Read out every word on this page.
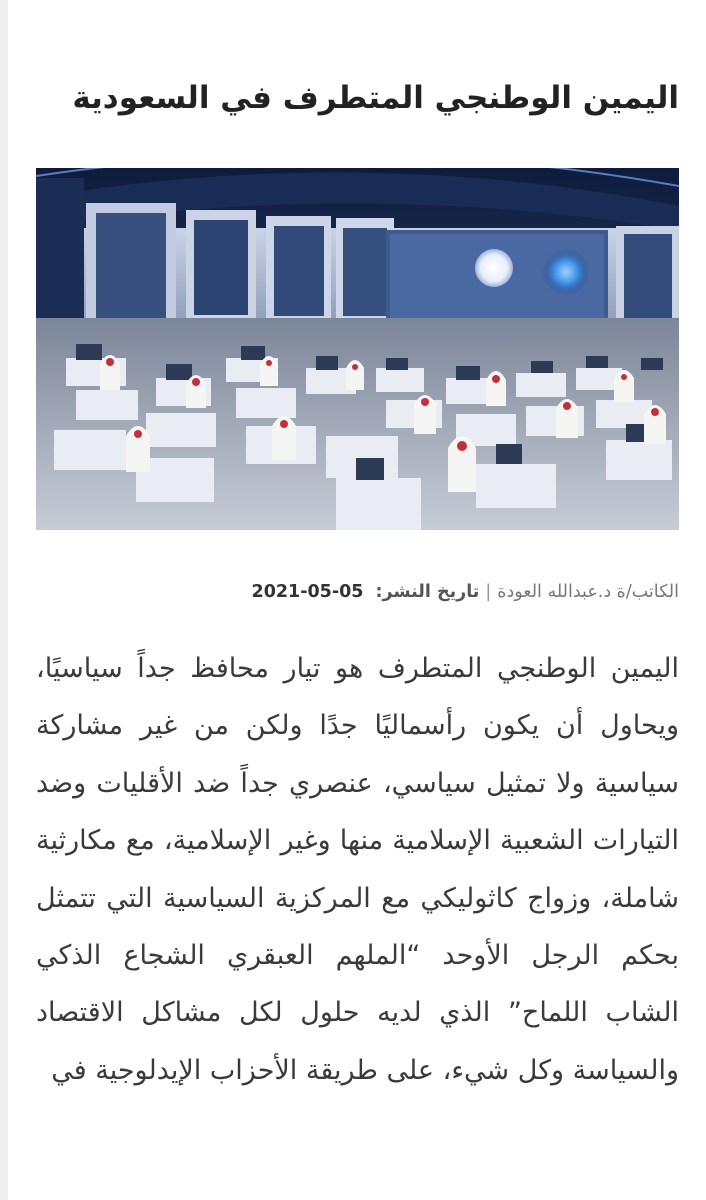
اليمين الوطنجي المتطرف في السعودية
الكاتب/ة د.عبدالله العودة
|
تاريخ النشر:
2021-05-05

اليمين الوطنجي المتطرف هو تيار محافظ جداً سياسيًا، ويحاول أن يكون رأسماليًا جدًا ولكن من غير مشاركة سياسية ولا تمثيل سياسي، عنصري جداً ضد الأقليات وضد التيارات الشعبية الإسلامية منها وغير الإسلامية، مع مكارثية شاملة، وزواج كاثوليكي مع المركزية السياسية التي تتمثل بحكم الرجل الأوحد “الملهم العبقري الشجاع الذكي الشاب اللماح” الذي لديه حلول لكل مشاكل الاقتصاد والسياسة وكل شيء، على طريقة الأحزاب الإيدلوجية في
